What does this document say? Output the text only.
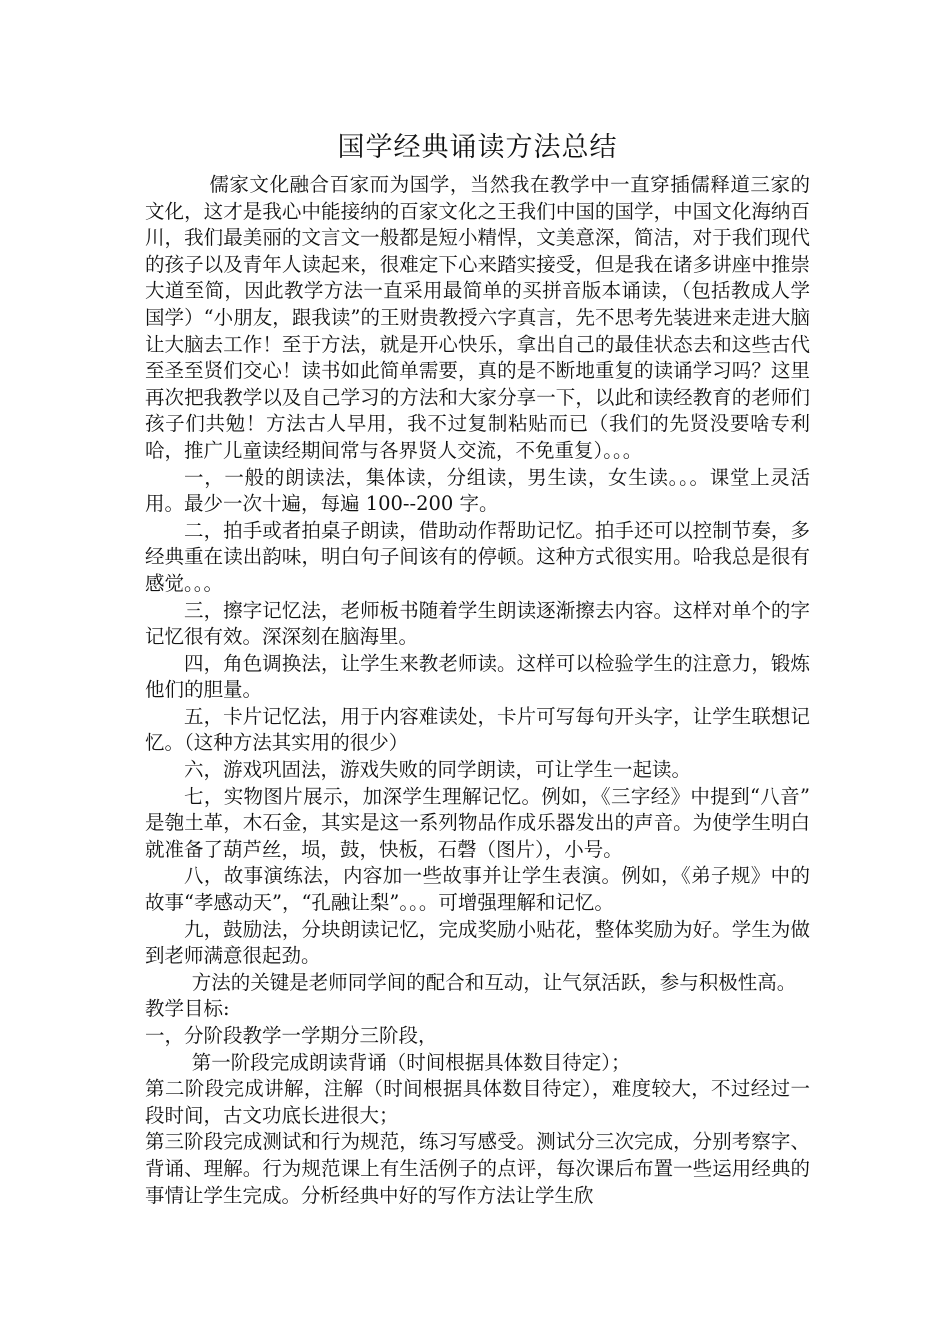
国学经典诵读方法总结

儒家文化融合百家而为国学，当然我在教学中一直穿插儒释道三家的文化，这才是我心中能接纳的百家文化之王我们中国的国学，中国文化海纳百川，我们最美丽的文言文一般都是短小精悍，文美意深，简洁，对于我们现代的孩子以及青年人读起来，很难定下心来踏实接受，但是我在诸多讲座中推崇大道至简，因此教学方法一直采用最简单的买拼音版本诵读，（包括教成人学国学）“小朋友，跟我读”的王财贵教授六字真言，先不思考先装进来走进大脑让大脑去工作！至于方法，就是开心快乐，拿出自己的最佳状态去和这些古代至圣至贤们交心！读书如此简单需要，真的是不断地重复的读诵学习吗？这里再次把我教学以及自己学习的方法和大家分享一下，以此和读经教育的老师们孩子们共勉！方法古人早用，我不过复制粘贴而已（我们的先贤没要啥专利哈，推广儿童读经期间常与各界贤人交流，不免重复）。。。

一，一般的朗读法，集体读，分组读，男生读，女生读。。。课堂上灵活用。最少一次十遍，每遍 100--200 字。

二，拍手或者拍桌子朗读，借助动作帮助记忆。拍手还可以控制节奏，多经典重在读出韵味，明白句子间该有的停顿。这种方式很实用。哈我总是很有感觉。。。

三，擦字记忆法，老师板书随着学生朗读逐渐擦去内容。这样对单个的字记忆很有效。深深刻在脑海里。

四，角色调换法，让学生来教老师读。这样可以检验学生的注意力，锻炼他们的胆量。

五，卡片记忆法，用于内容难读处，卡片可写每句开头字，让学生联想记忆。（这种方法其实用的很少）

六，游戏巩固法，游戏失败的同学朗读，可让学生一起读。

七，实物图片展示，加深学生理解记忆。例如，《三字经》中提到“八音” 是匏土革，木石金，其实是这一系列物品作成乐器发出的声音。为使学生明白就准备了葫芦丝，埙，鼓，快板，石磬（图片），小号。

八，故事演练法，内容加一些故事并让学生表演。例如，《弟子规》中的故事“孝感动天”，“孔融让梨”。。。可增强理解和记忆。

九，鼓励法，分块朗读记忆，完成奖励小贴花，整体奖励为好。学生为做到老师满意很起劲。

方法的关键是老师同学间的配合和互动，让气氛活跃，参与积极性高。

教学目标:

一，分阶段教学一学期分三阶段，

第一阶段完成朗读背诵（时间根据具体数目待定）；

第二阶段完成讲解，注解（时间根据具体数目待定），难度较大，不过经过一段时间，古文功底长进很大；

第三阶段完成测试和行为规范，练习写感受。测试分三次完成，分别考察字、背诵、理解。行为规范课上有生活例子的点评，每次课后布置一些运用经典的事情让学生完成。分析经典中好的写作方法让学生欣
